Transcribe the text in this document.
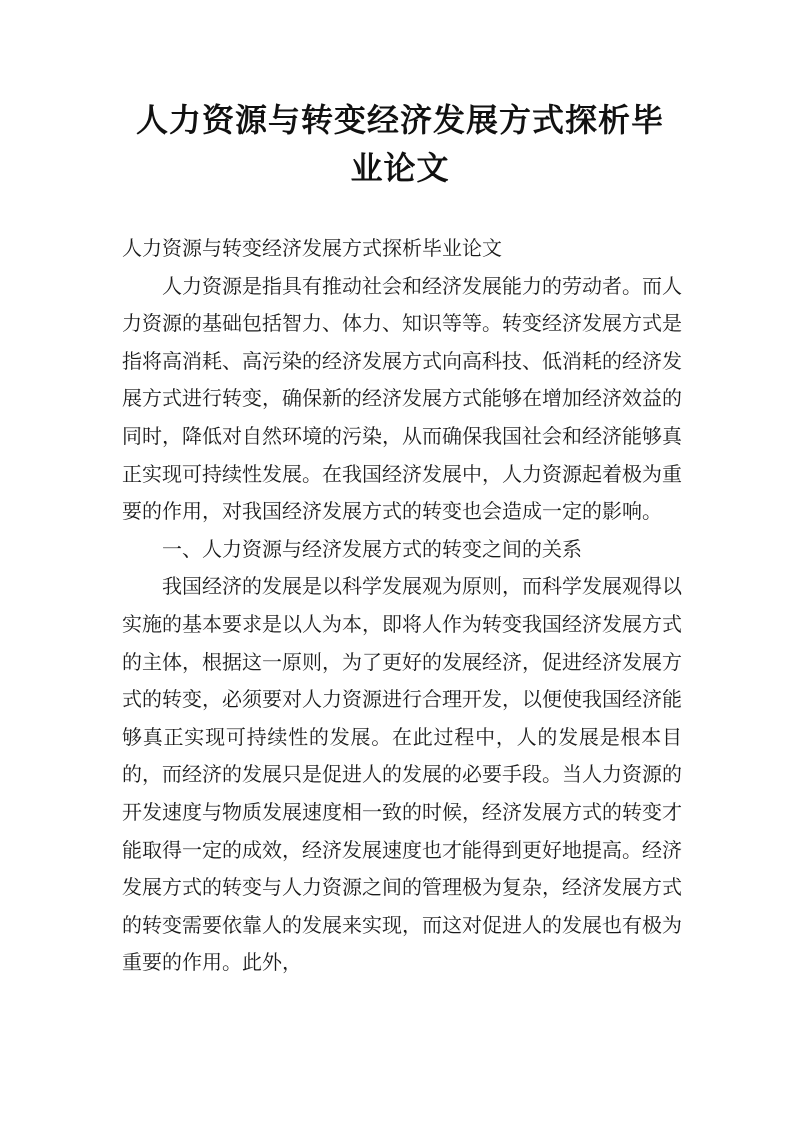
人力资源与转变经济发展方式探析毕业论文

人力资源与转变经济发展方式探析毕业论文

人力资源是指具有推动社会和经济发展能力的劳动者。而人力资源的基础包括智力、体力、知识等等。转变经济发展方式是指将高消耗、高污染的经济发展方式向高科技、低消耗的经济发展方式进行转变，确保新的经济发展方式能够在增加经济效益的同时，降低对自然环境的污染，从而确保我国社会和经济能够真正实现可持续性发展。在我国经济发展中，人力资源起着极为重要的作用，对我国经济发展方式的转变也会造成一定的影响。

一、人力资源与经济发展方式的转变之间的关系

我国经济的发展是以科学发展观为原则，而科学发展观得以实施的基本要求是以人为本，即将人作为转变我国经济发展方式的主体，根据这一原则，为了更好的发展经济，促进经济发展方式的转变，必须要对人力资源进行合理开发，以便使我国经济能够真正实现可持续性的发展。在此过程中，人的发展是根本目的，而经济的发展只是促进人的发展的必要手段。当人力资源的开发速度与物质发展速度相一致的时候，经济发展方式的转变才能取得一定的成效，经济发展速度也才能得到更好地提高。经济发展方式的转变与人力资源之间的管理极为复杂，经济发展方式的转变需要依靠人的发展来实现，而这对促进人的发展也有极为重要的作用。此外，
